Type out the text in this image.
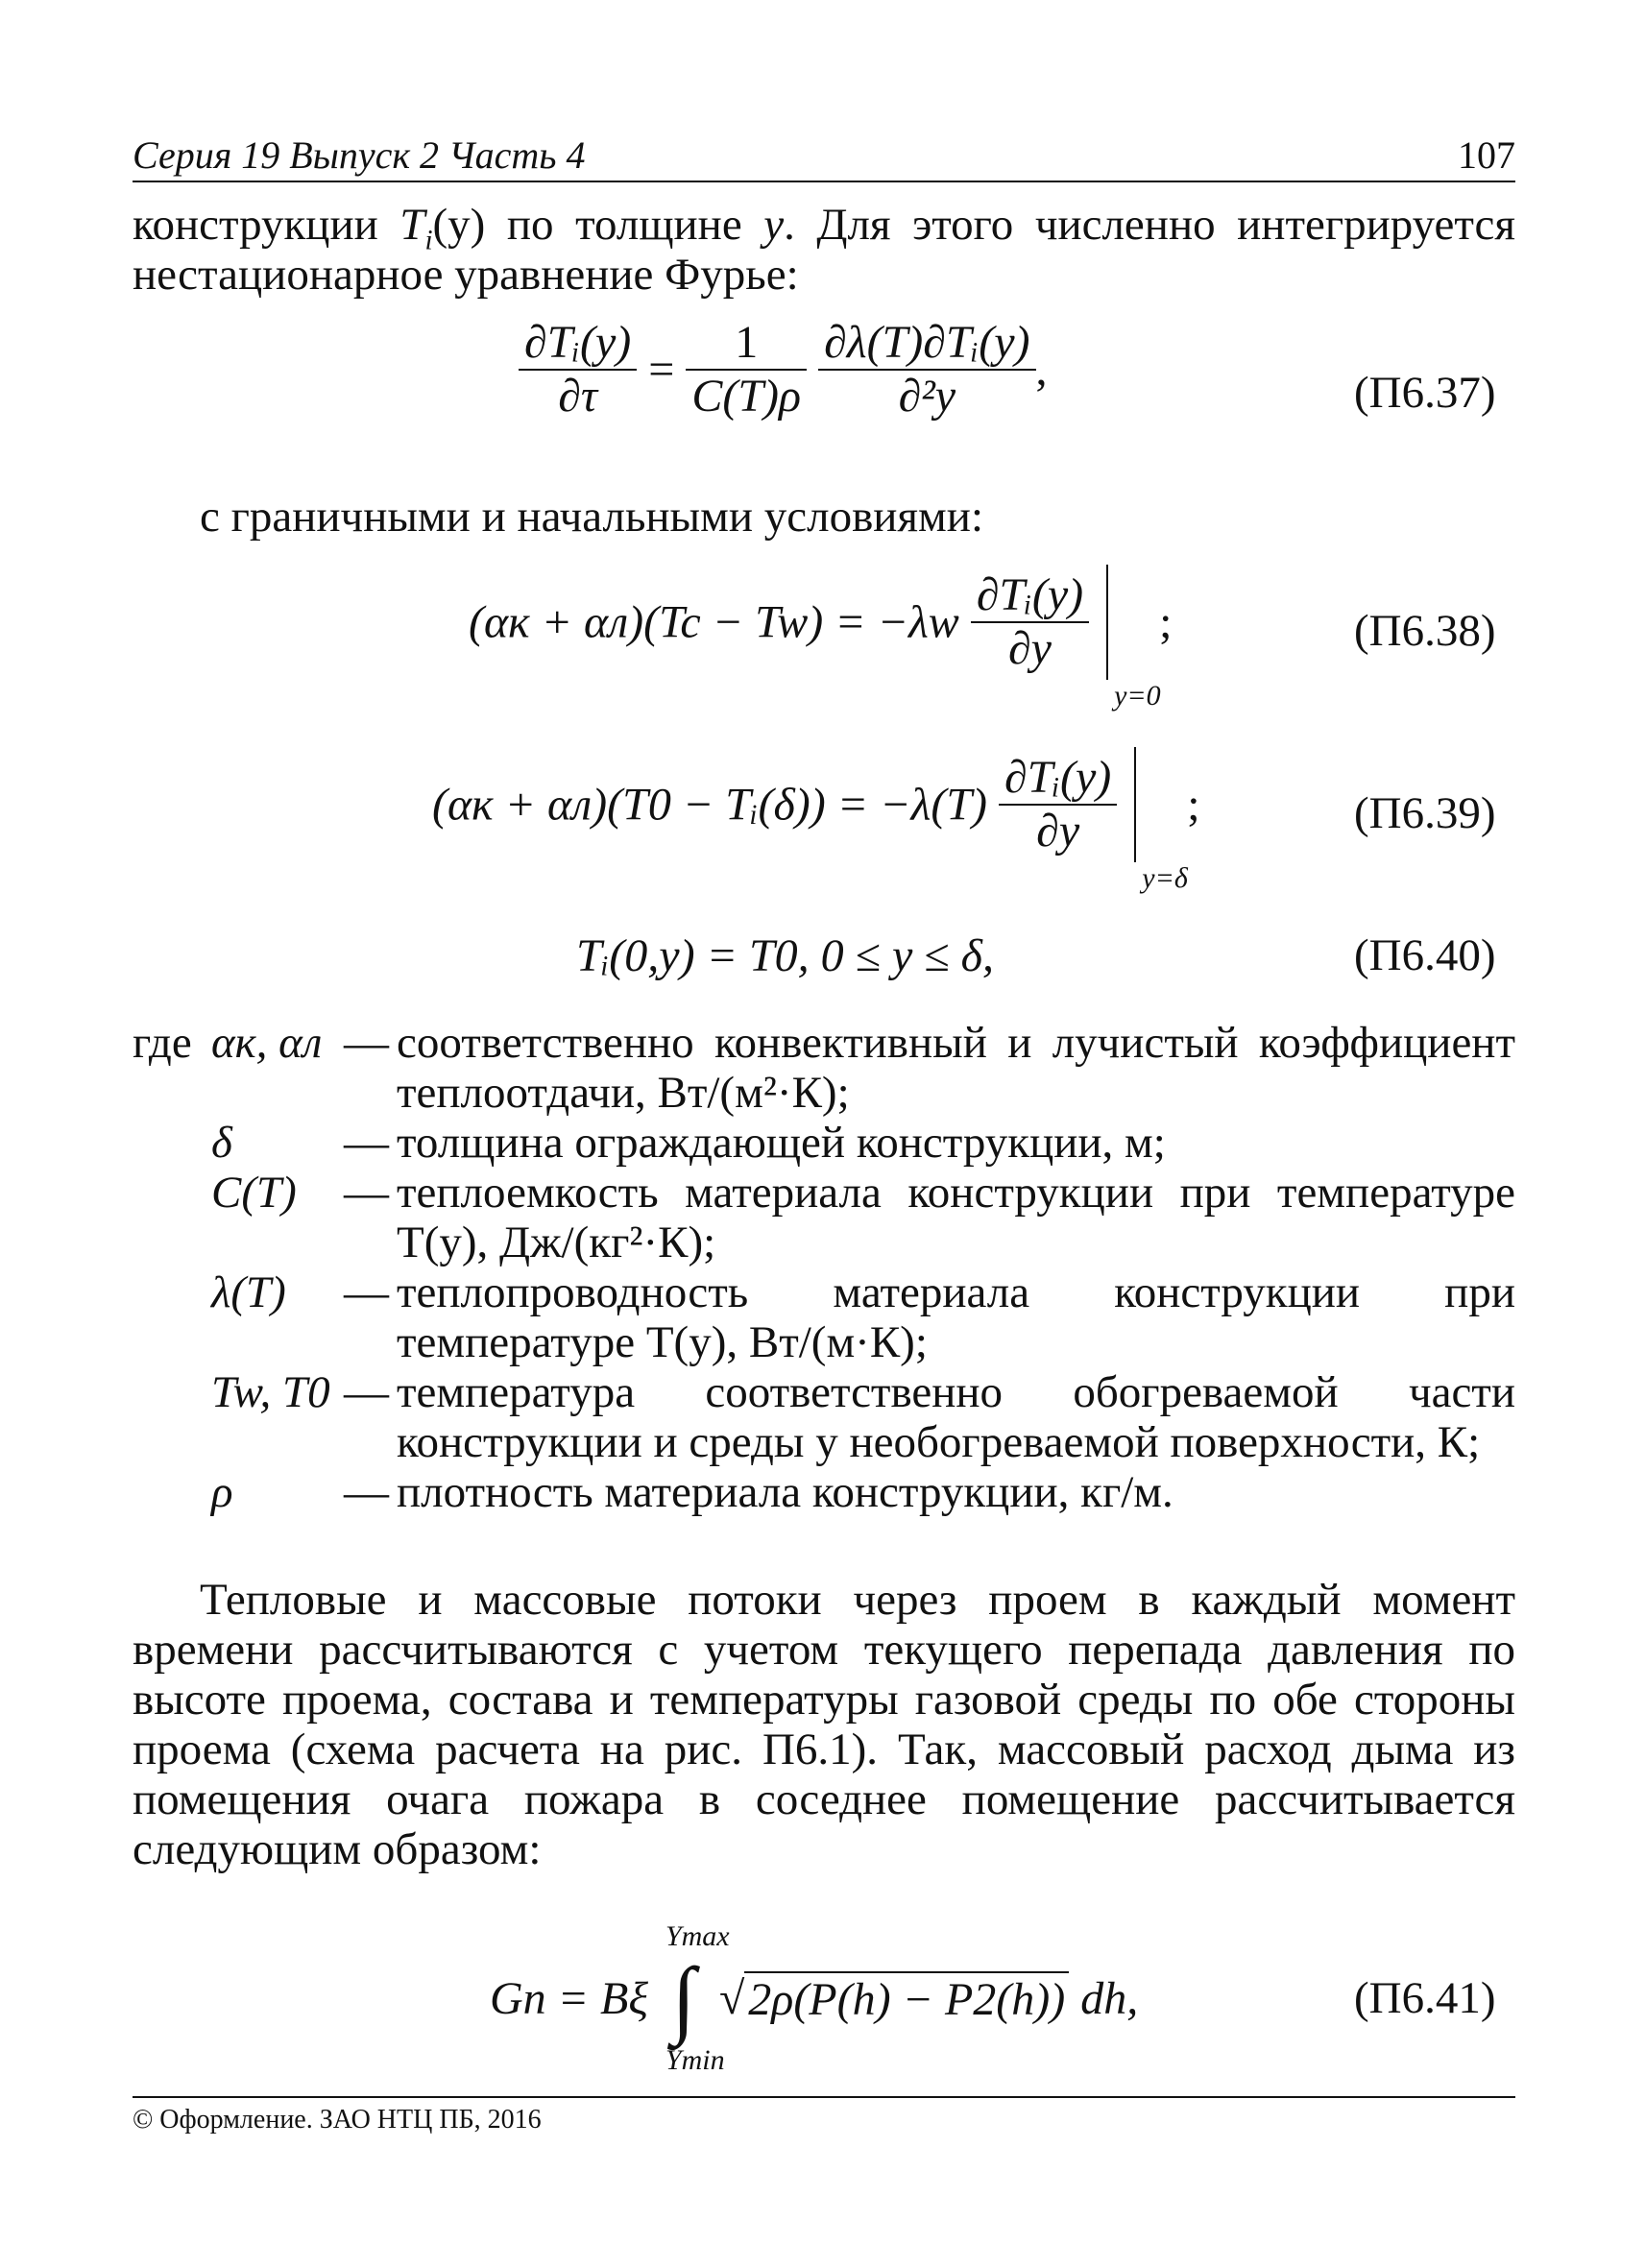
Серия 19 Выпуск 2 Часть 4	107
конструкции $T_i(y)$ по толщине y. Для этого численно интегрируется нестационарное уравнение Фурье:
$\frac{\text{∂Tᵢ(y)}}{\partial\tau} = \frac{1}{C(T)\rho}$
$\frac{\text{∂λ(T)∂Tᵢ(y)}}{\text{∂²y}}$ ,	(П6.37)
с граничными и начальными условиями:
$(\alpha к + \alpha л)(Tc - Tw) = -\lambda w \frac{\text{∂Tᵢ(y)}}{\partial y}$

y=0
;	(П6.38)
(αк + αл)(T0 − Tᵢ(δ)) = $-\lambda(T) \frac{\text{∂Tᵢ(y)}}{\partial y}$

y=δ
;	(П6.39)
Tᵢ(0,y) = T0, 0 ≤ y ≤ δ,	(П6.40)
где αк, αл — соответственно конвективный и лучистый коэффициент теплоотдачи, Вт/(м²·К);
δ — толщина ограждающей конструкции, м;
C(T) — теплоемкость материала конструкции при температуре T(y), Дж/(кг²·К);
λ(T) — теплопроводность материала конструкции при температуре T(y), Вт/(м·К);
Tw, T0 — температура соответственно обогреваемой части конструкции и среды у необогреваемой поверхности, К;
ρ — плотность материала конструкции, кг/м.
Тепловые и массовые потоки через проем в каждый момент времени рассчитываются с учетом текущего перепада давления по высоте проема, состава и температуры газовой среды по обе стороны проема (схема расчета на рис. П6.1). Так, массовый расход дыма из помещения очага пожара в соседнее помещение рассчитывается следующим образом:
Gп = Bξ ∫
Ymax
Ymin
√2ρ(P(h) − P2(h)) dh,	(П6.41)
© Оформление. ЗАО НТЦ ПБ, 2016
